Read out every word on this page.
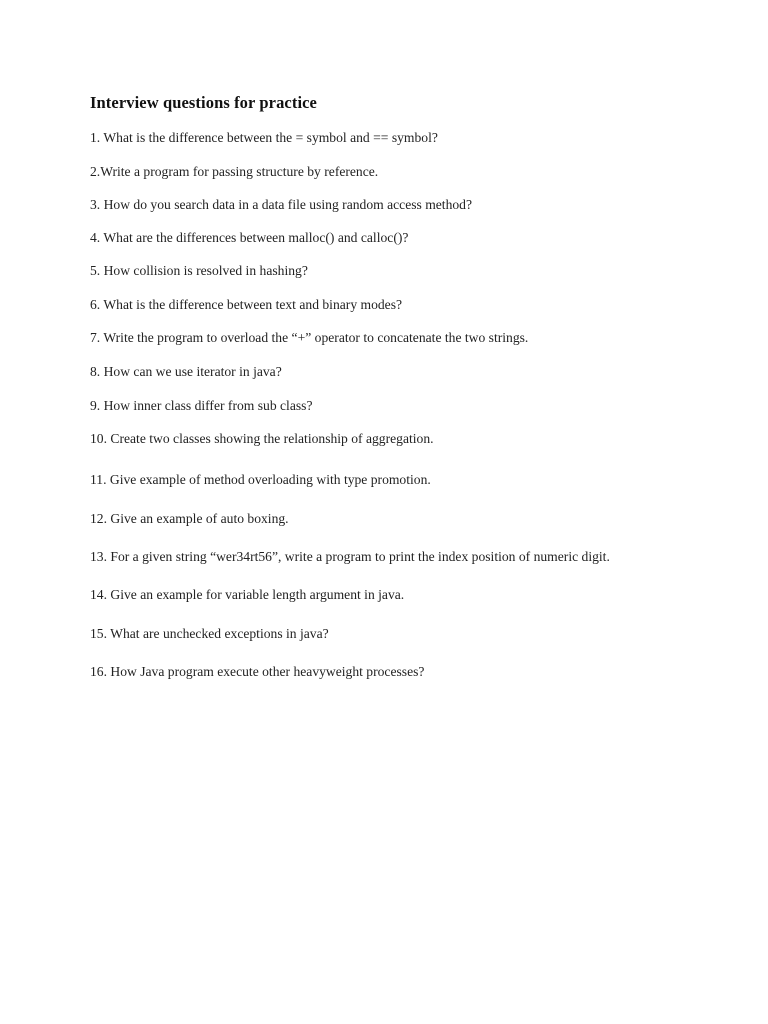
Interview questions for practice
1. What is the difference between the = symbol and == symbol?
2.Write a program for passing structure by reference.
3. How do you search data in a data file using random access method?
4. What are the differences between malloc() and calloc()?
5. How collision is resolved in hashing?
6. What is the difference between text and binary modes?
7. Write the program to overload the “+” operator to concatenate the two strings.
8. How can we use iterator in java?
9. How inner class differ from sub class?
10. Create two classes showing the relationship of aggregation.
11. Give example of method overloading with type promotion.
12. Give an example of auto boxing.
13. For a given string “wer34rt56”, write a program to print the index position of numeric digit.
14. Give an example for variable length argument in java.
15. What are unchecked exceptions in java?
16. How Java program execute other heavyweight processes?
